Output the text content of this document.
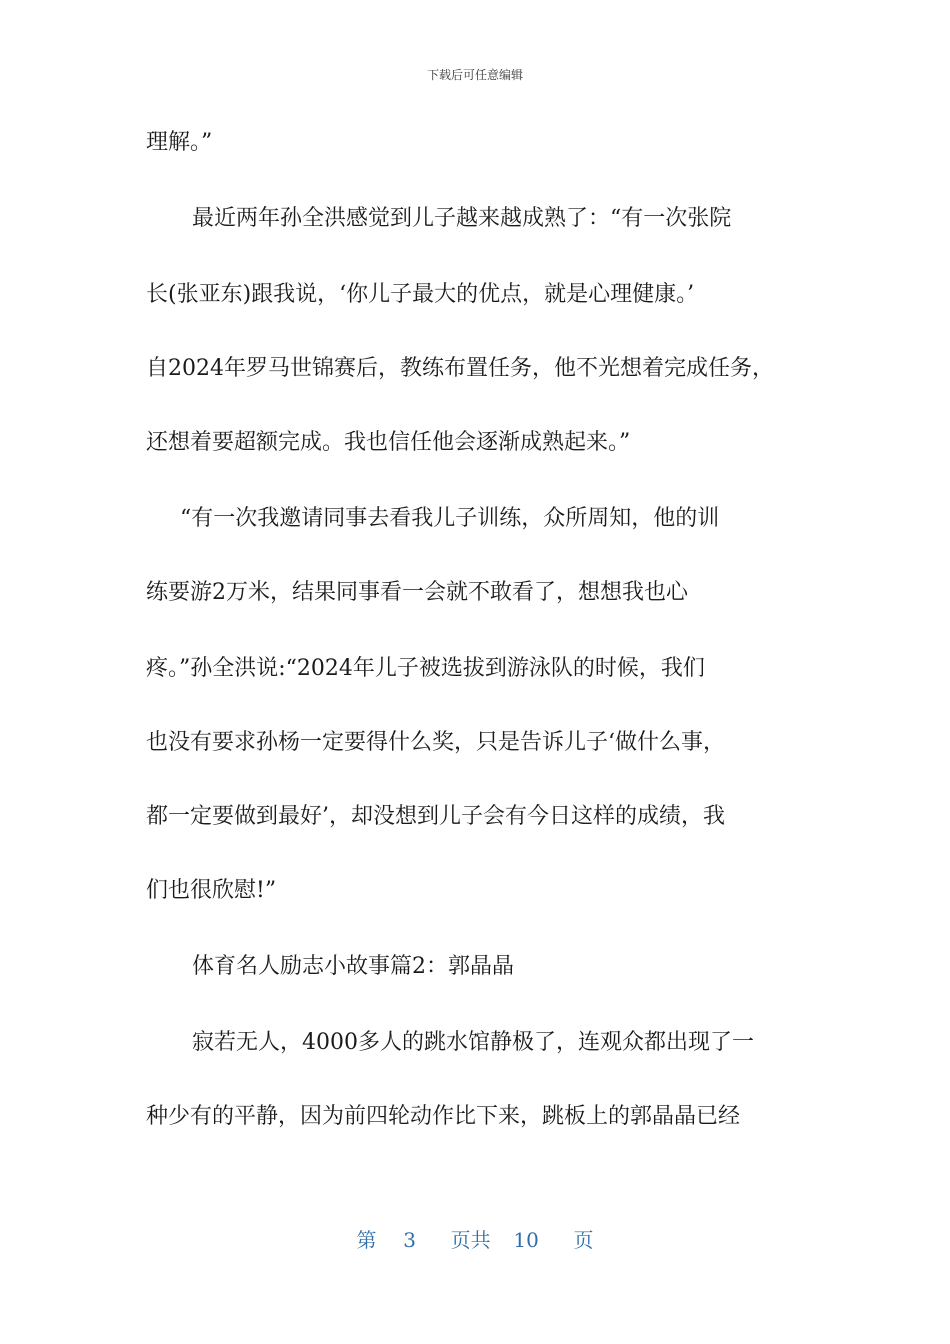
下载后可任意编辑
理解。”
最近两年孙全洪感觉到儿子越来越成熟了：“有一次张院
长(张亚东)跟我说，‘你儿子最大的优点，就是心理健康。’
自2024年罗马世锦赛后，教练布置任务，他不光想着完成任务，
还想着要超额完成。我也信任他会逐渐成熟起来。”
“有一次我邀请同事去看我儿子训练，众所周知，他的训
练要游2万米，结果同事看一会就不敢看了，想想我也心
疼。”孙全洪说:“2024年儿子被选拔到游泳队的时候，我们
也没有要求孙杨一定要得什么奖，只是告诉儿子‘做什么事，
都一定要做到最好’，却没想到儿子会有今日这样的成绩，我
们也很欣慰!”
体育名人励志小故事篇2：郭晶晶
寂若无人，4000多人的跳水馆静极了，连观众都出现了一
种少有的平静，因为前四轮动作比下来，跳板上的郭晶晶已经
第 3 页共 10 页
